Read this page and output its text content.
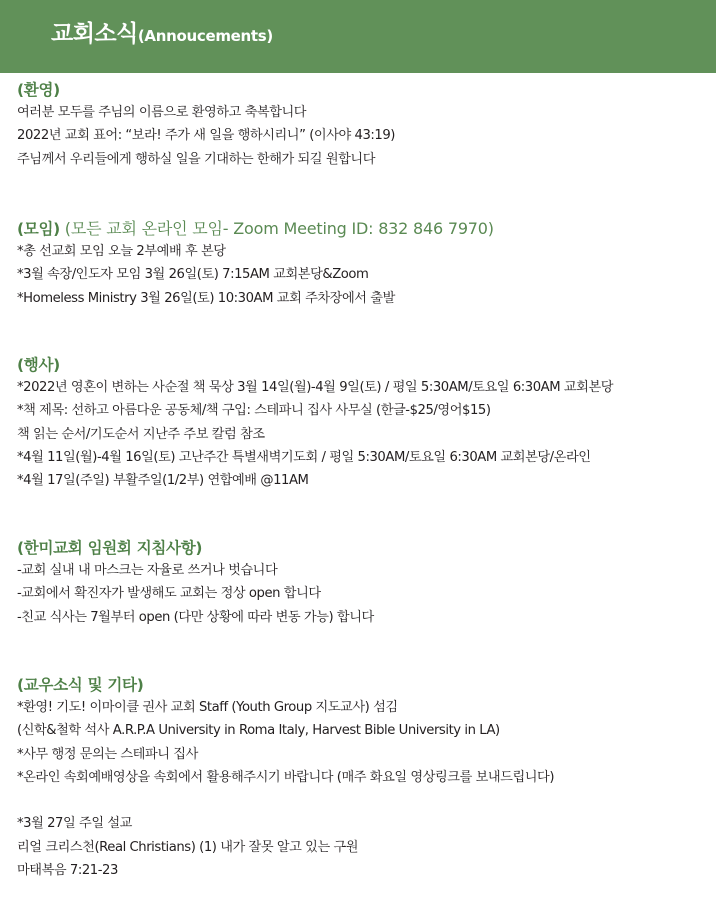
교회소식(Annoucements)
(환영)
여러분 모두를 주님의 이름으로 환영하고 축복합니다
2022년 교회 표어: “보라! 주가 새 일을 행하시리니” (이사야 43:19)
주님께서 우리들에게 행하실 일을 기대하는 한해가 되길 원합니다
(모임) (모든 교회 온라인 모임- Zoom Meeting ID: 832 846 7970)
*총 선교회 모임 오늘 2부예배 후 본당
*3월 속장/인도자 모임 3월 26일(토) 7:15AM 교회본당&Zoom
*Homeless Ministry 3월 26일(토) 10:30AM 교회 주차장에서 출발
(행사)
*2022년 영혼이 변하는 사순절 책 묵상 3월 14일(월)-4월 9일(토) / 평일 5:30AM/토요일 6:30AM 교회본당
*책 제목: 선하고 아름다운 공동체/책 구입: 스테파니 집사 사무실 (한글-$25/영어$15)
책 읽는 순서/기도순서 지난주 주보 칼럼 참조
*4월 11일(월)-4월 16일(토) 고난주간 특별새벽기도회 / 평일 5:30AM/토요일 6:30AM 교회본당/온라인
*4월 17일(주일) 부활주일(1/2부) 연합예배 @11AM
(한미교회 임원회 지침사항)
-교회 실내 내 마스크는 자율로 쓰거나 벗습니다
-교회에서 확진자가 발생해도 교회는 정상 open 합니다
-친교 식사는 7월부터 open (다만 상황에 따라 변동 가능) 합니다
(교우소식 및 기타)
*환영! 기도! 이마이클 권사 교회 Staff (Youth Group 지도교사) 섬김
(신학&철학 석사 A.R.P.A University in Roma Italy, Harvest Bible University in LA)
*사무 행정 문의는 스테파니 집사
*온라인 속회예배영상을 속회에서 활용해주시기 바랍니다 (매주 화요일 영상링크를 보내드립니다)
*3월 27일 주일 설교
리얼 크리스천(Real Christians) (1) 내가 잘못 알고 있는 구원
마태복음 7:21-23
